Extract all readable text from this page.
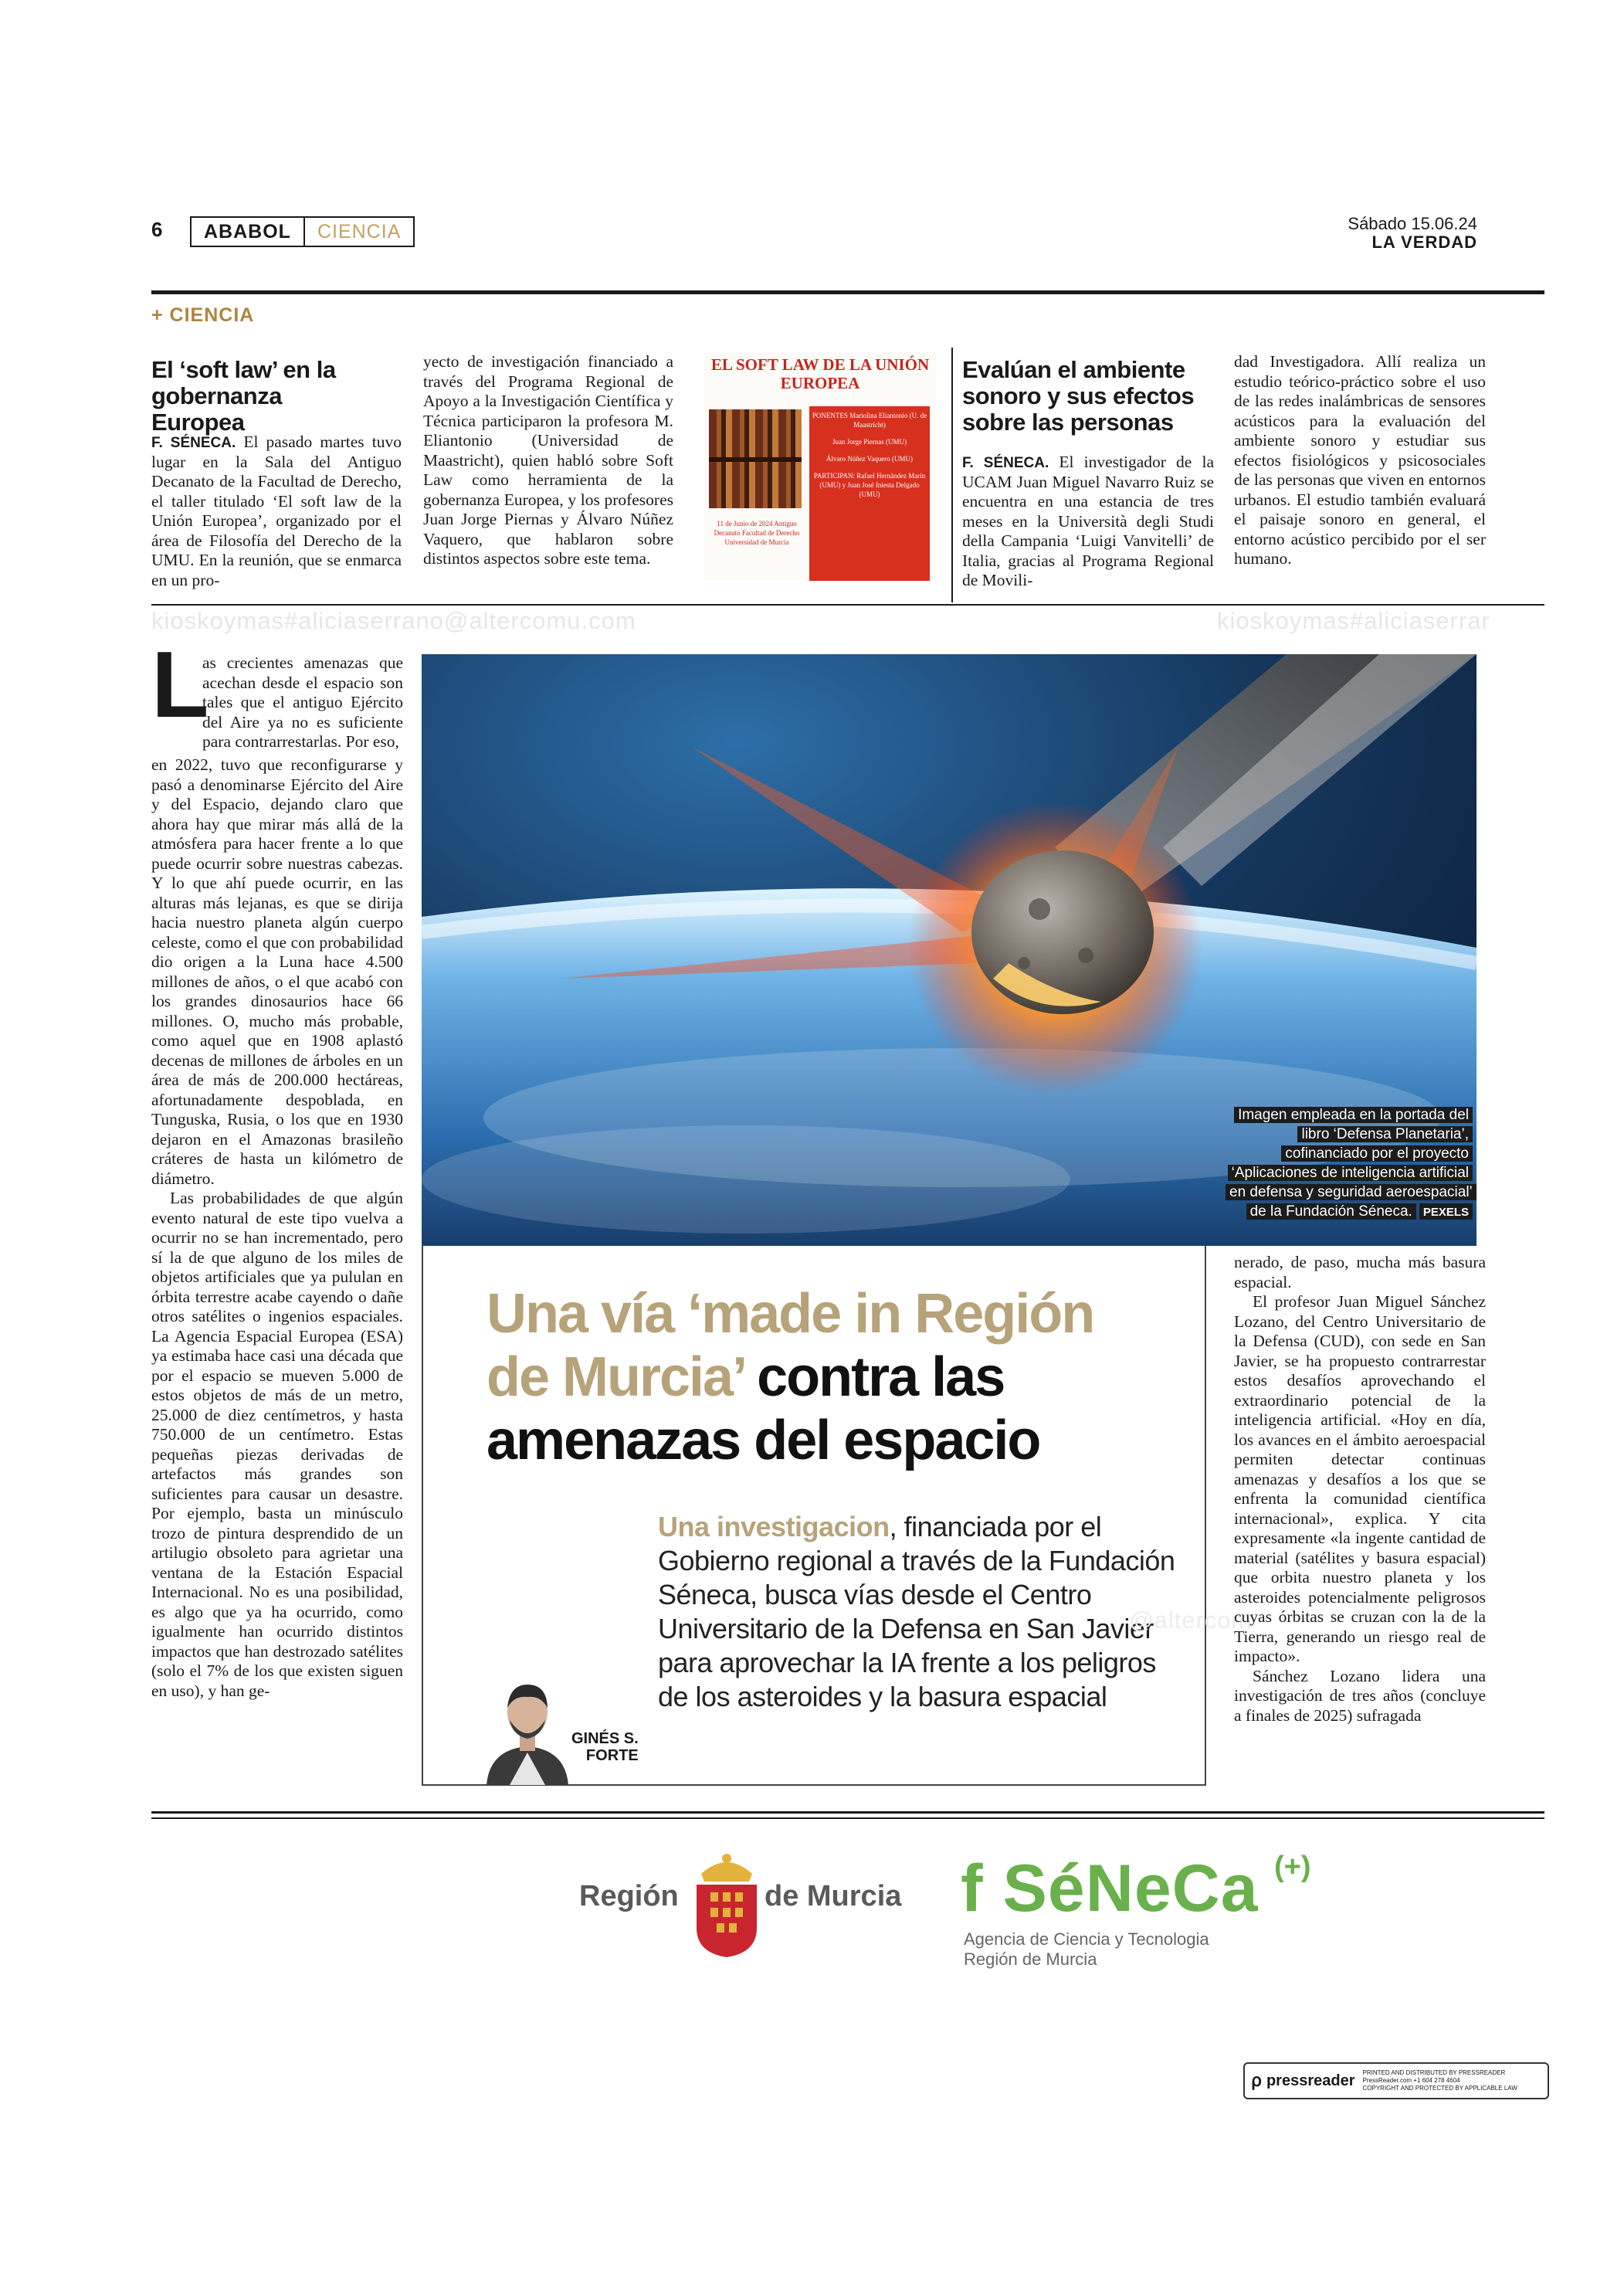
6	ABABOL	CIENCIA	Sábado 15.06.24
LA VERDAD
+ CIENCIA
El ‘soft law’ en la gobernanza Europea
F. SÉNECA. El pasado martes tuvo lugar en la Sala del Antiguo Decanato de la Facultad de Derecho, el taller titulado ‘El soft law de la Unión Europea’, organizado por el área de Filosofía del Derecho de la UMU. En la reunión, que se enmarca en un pro-
yecto de investigación financiado a través del Programa Regional de Apoyo a la Investigación Científica y Técnica participaron la profesora M. Eliantonio (Universidad de Maastricht), quien habló sobre Soft Law como herramienta de la gobernanza Europea, y los profesores Juan Jorge Piernas y Álvaro Núñez Vaquero, que hablaron sobre distintos aspectos sobre este tema.
EL SOFT LAW DE LA UNIÓN EUROPEA
PONENTES Mariolina Eliantonio (U. de Maastricht)
Juan Jorge Piernas (UMU)
Álvaro Núñez Vaquero (UMU)
PARTICIPAN: Rafael Hernández Marín (UMU) y Juan José Iniesta Delgado (UMU)
11 de Junio de 2024 Antiguo Decanato Facultad de Derecho Universidad de Murcia
Evalúan el ambiente sonoro y sus efectos sobre las personas
F. SÉNECA. El investigador de la UCAM Juan Miguel Navarro Ruiz se encuentra en una estancia de tres meses en la Università degli Studi della Campania ‘Luigi Vanvitelli’ de Italia, gracias al Programa Regional de Movili-
dad Investigadora. Allí realiza un estudio teórico-práctico sobre el uso de las redes inalámbricas de sensores acústicos para la evaluación del ambiente sonoro y estudiar sus efectos fisiológicos y psicosociales de las personas que viven en entornos urbanos. El estudio también evaluará el paisaje sonoro en general, el entorno acústico percibido por el ser humano.
kioskoymas#aliciaserrano@altercomu.com	kioskoymas#aliciaserrar
L
as crecientes amenazas que acechan desde el espacio son tales que el antiguo Ejército del Aire ya no es suficiente para contrarrestarlas. Por eso,
en 2022, tuvo que reconfigurarse y pasó a denominarse Ejército del Aire y del Espacio, dejando claro que ahora hay que mirar más allá de la atmósfera para hacer frente a lo que puede ocurrir sobre nuestras cabezas. Y lo que ahí puede ocurrir, en las alturas más lejanas, es que se dirija hacia nuestro planeta algún cuerpo celeste, como el que con probabilidad dio origen a la Luna hace 4.500 millones de años, o el que acabó con los grandes dinosaurios hace 66 millones. O, mucho más probable, como aquel que en 1908 aplastó decenas de millones de árboles en un área de más de 200.000 hectáreas, afortunadamente despoblada, en Tunguska, Rusia, o los que en 1930 dejaron en el Amazonas brasileño cráteres de hasta un kilómetro de diámetro.
Las probabilidades de que algún evento natural de este tipo vuelva a ocurrir no se han incrementado, pero sí la de que alguno de los miles de objetos artificiales que ya pululan en órbita terrestre acabe cayendo o dañe otros satélites o ingenios espaciales. La Agencia Espacial Europea (ESA) ya estimaba hace casi una década que por el espacio se mueven 5.000 de estos objetos de más de un metro, 25.000 de diez centímetros, y hasta 750.000 de un centímetro. Estas pequeñas piezas derivadas de artefactos más grandes son suficientes para causar un desastre. Por ejemplo, basta un minúsculo trozo de pintura desprendido de un artilugio obsoleto para agrietar una ventana de la Estación Espacial Internacional. No es una posibilidad, es algo que ya ha ocurrido, como igualmente han ocurrido distintos impactos que han destrozado satélites (solo el 7% de los que existen siguen en uso), y han ge-
Imagen empleada en la portada del libro ‘Defensa Planetaria’, cofinanciado por el proyecto ‘Aplicaciones de inteligencia artificial en defensa y seguridad aeroespacial’ de la Fundación Séneca. PEXELS
Una vía ‘made in Región
de Murcia’ contra las
amenazas del espacio
Una investigacion, financiada por el Gobierno regional a través de la Fundación Séneca, busca vías desde el Centro Universitario de la Defensa en San Javier para aprovechar la IA frente a los peligros de los asteroides y la basura espacial
@altercom
GINÉS S.
FORTE
nerado, de paso, mucha más basura espacial.
El profesor Juan Miguel Sánchez Lozano, del Centro Universitario de la Defensa (CUD), con sede en San Javier, se ha propuesto contrarrestar estos desafíos aprovechando el extraordinario potencial de la inteligencia artificial. «Hoy en día, los avances en el ámbito aeroespacial permiten detectar continuas amenazas y desafíos a los que se enfrenta la comunidad científica internacional», explica. Y cita expresamente «la ingente cantidad de material (satélites y basura espacial) que orbita nuestro planeta y los asteroides potencialmente peligrosos cuyas órbitas se cruzan con la de la Tierra, generando un riesgo real de impacto».
Sánchez Lozano lidera una investigación de tres años (concluye a finales de 2025) sufragada
Región	de Murcia f SéNeCa (+)
Agencia de Ciencia y Tecnologia
Región de Murcia
⍴ pressreader PRINTED AND DISTRIBUTED BY PRESSREADER
PressReader.com +1 604 278 4604
COPYRIGHT AND PROTECTED BY APPLICABLE LAW
